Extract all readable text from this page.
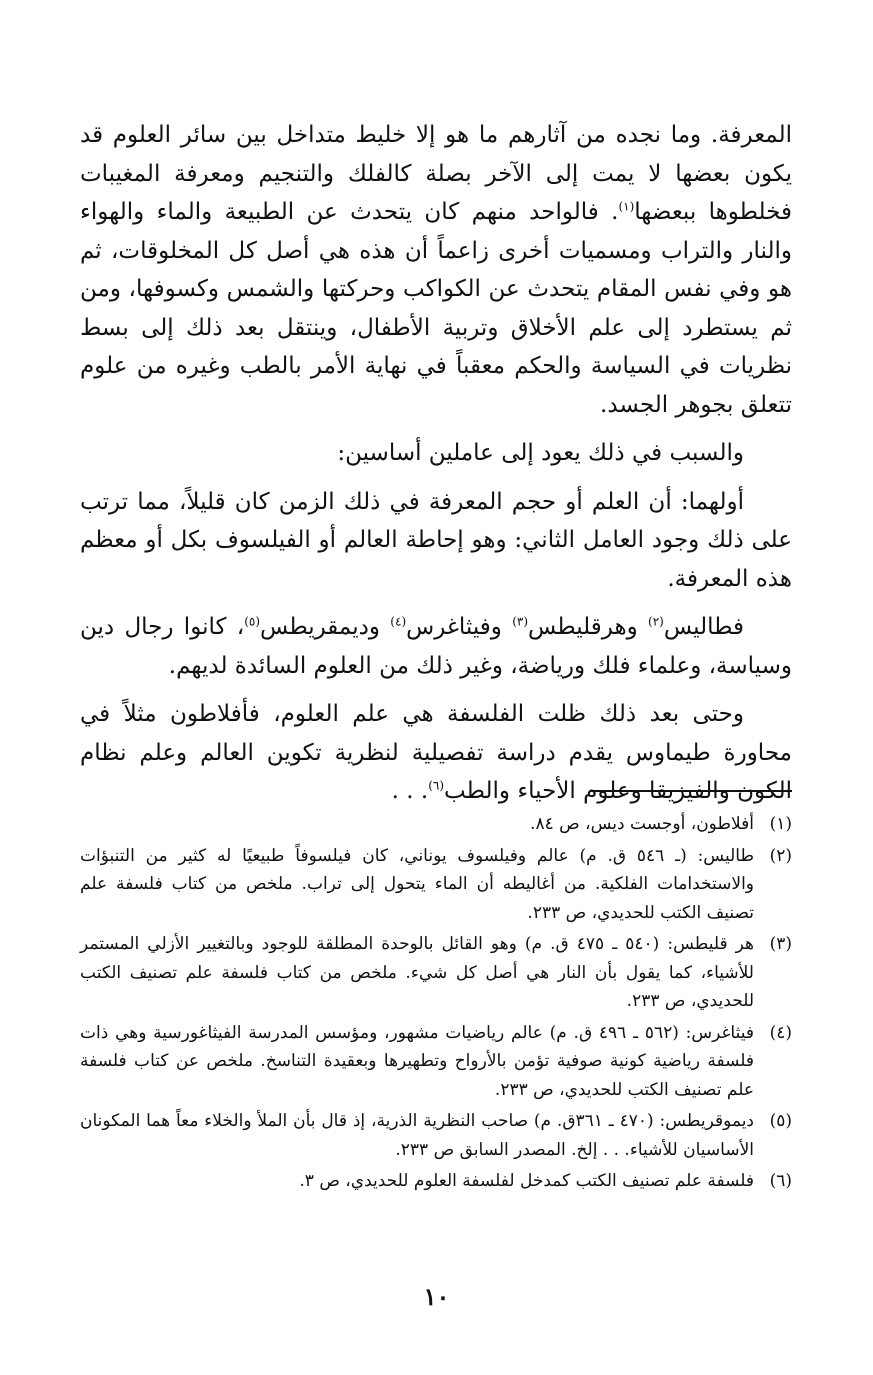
المعرفة. وما نجده من آثارهم ما هو إلا خليط متداخل بين سائر العلوم قد يكون بعضها لا يمت إلى الآخر بصلة كالفلك والتنجيم ومعرفة المغيبات فخلطوها ببعضها$^{(١)}$. فالواحد منهم كان يتحدث عن الطبيعة والماء والهواء والنار والتراب ومسميات أخرى زاعماً أن هذه هي أصل كل المخلوقات، ثم هو وفي نفس المقام يتحدث عن الكواكب وحركتها والشمس وكسوفها، ومن ثم يستطرد إلى علم الأخلاق وتربية الأطفال، وينتقل بعد ذلك إلى بسط نظريات في السياسة والحكم معقباً في نهاية الأمر بالطب وغيره من علوم تتعلق بجوهر الجسد.

والسبب في ذلك يعود إلى عاملين أساسين:

أولهما: أن العلم أو حجم المعرفة في ذلك الزمن كان قليلاً، مما ترتب على ذلك وجود العامل الثاني: وهو إحاطة العالم أو الفيلسوف بكل أو معظم هذه المعرفة.

فطاليس$^{(٢)}$ وهرقليطس$^{(٣)}$ وفيثاغرس$^{(٤)}$ وديمقريطس$^{(٥)}$، كانوا رجال دين وسياسة، وعلماء فلك ورياضة، وغير ذلك من العلوم السائدة لديهم.

وحتى بعد ذلك ظلت الفلسفة هي علم العلوم، فأفلاطون مثلاً في محاورة طيماوس يقدم دراسة تفصيلية لنظرية تكوين العالم وعلم نظام الكون والفيزيقا وعلوم الأحياء والطب$^{(٦)}$. . .

(١)
أفلاطون، أوجست ديس، ص ٨٤.
(٢)
طاليس: (ـ ٥٤٦ ق. م) عالم وفيلسوف يوناني، كان فيلسوفاً طبيعيًا له كثير من التنبؤات والاستخدامات الفلكية. من أغاليطه أن الماء يتحول إلى تراب. ملخص من كتاب فلسفة علم تصنيف الكتب للحديدي، ص ٢٣٣.
(٣)
هر قليطس: (٥٤٠ ـ ٤٧٥ ق. م) وهو القائل بالوحدة المطلقة للوجود وبالتغيير الأزلي المستمر للأشياء، كما يقول بأن النار هي أصل كل شيء. ملخص من كتاب فلسفة علم تصنيف الكتب للحديدي، ص ٢٣٣.
(٤)
فيثاغرس: (٥٦٢ ـ ٤٩٦ ق. م) عالم رياضيات مشهور، ومؤسس المدرسة الفيثاغورسية وهي ذات فلسفة رياضية كونية صوفية تؤمن بالأرواح وتطهيرها وبعقيدة التناسخ. ملخص عن كتاب فلسفة علم تصنيف الكتب للحديدي، ص ٢٣٣.
(٥)
ديموقريطس: (٤٧٠ ـ ٣٦١ق. م) صاحب النظرية الذرية، إذ قال بأن الملأ والخلاء معاً هما المكونان الأساسيان للأشياء. . . إلخ. المصدر السابق ص ٢٣٣.
(٦)
فلسفة علم تصنيف الكتب كمدخل لفلسفة العلوم للحديدي، ص ٣.
١٠
